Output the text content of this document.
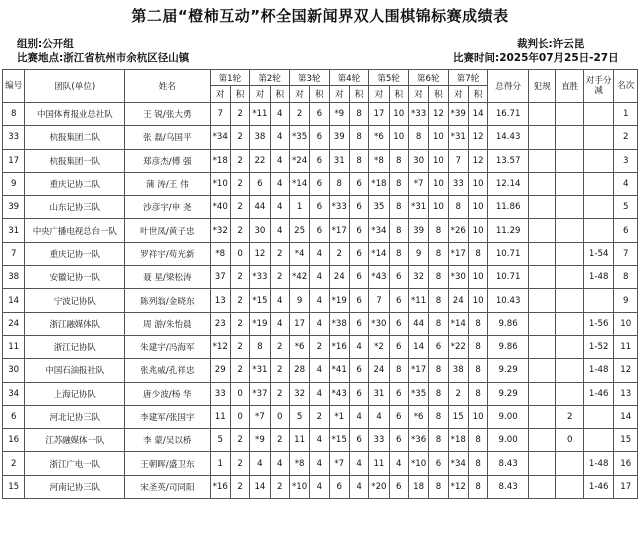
第二届“橙柿互动”杯全国新闻界双人围棋锦标赛成绩表
组别:公开组
比赛地点:浙江省杭州市余杭区径山镇
裁判长:许云昆
比赛时间:2025年07月25日-27日
编号	团队(单位)	姓名	第1轮		第2轮		第3轮		第4轮		第5轮		第6轮		第7轮		总得分	犯规	直胜	对手分减	名次
			对	积	对	积	对	积	对	积	对	积	对	积	对	积					
8	中国体育报业总社队	王 锐/张大勇	7	2	*11	4	2	6	*9	8	17	10	*33	12	*39	14	16.71				1
33	杭报集团二队	张 磊/乌国平	*34	2	38	4	*35	6	39	8	*6	10	8	10	*31	12	14.43				2
17	杭报集团一队	郑彦杰/傅 强	*18	2	22	4	*24	6	31	8	*8	8	30	10	7	12	13.57				3
9	重庆记协二队	蒲 涛/王 伟	*10	2	6	4	*14	6	8	6	*18	8	*7	10	33	10	12.14				4
39	山东记协三队	沙彦宇/申 尧	*40	2	44	4	1	6	*33	6	35	8	*31	10	8	10	11.86				5
31	中央广播电视总台一队	叶世凤/黄子忠	*32	2	30	4	25	6	*17	6	*34	8	39	8	*26	10	11.29				6
7	重庆记协一队	罗祥宇/苟光新	*8	0	12	2	*4	4	2	6	*14	8	9	8	*17	8	10.71			1-54	7
38	安徽记协一队	聂 星/梁松涛	37	2	*33	2	*42	4	24	6	*43	6	32	8	*30	10	10.71			1-48	8
14	宁波记协队	陈列翁/金晓东	13	2	*15	4	9	4	*19	6	7	6	*11	8	24	10	10.43				9
24	浙江融媒体队	周 游/朱怡晨	23	2	*19	4	17	4	*38	6	*30	6	44	8	*14	8	9.86			1-56	10
11	浙江记协队	朱建宇/冯海军	*12	2	8	2	*6	2	*16	4	*2	6	14	6	*22	8	9.86			1-52	11
30	中国石油报社队	张兆威/孔祥忠	29	2	*31	2	28	4	*41	6	24	8	*17	8	38	8	9.29			1-48	12
34	上海记协队	唐少波/杨 华	33	0	*37	2	32	4	*43	6	31	6	*35	8	2	8	9.29			1-46	13
6	河北记协三队	李建军/张国宇	11	0	*7	0	5	2	*1	4	4	6	*6	8	15	10	9.00		2		14
16	江苏融媒体一队	李 蒙/吴以桥	5	2	*9	2	11	4	*15	6	33	6	*36	8	*18	8	9.00		0		15
2	浙江广电一队	王朝晖/盛卫东	1	2	4	4	*8	4	*7	4	11	4	*10	6	*34	8	8.43			1-48	16
15	河南记协三队	宋圣英/司同阳	*16	2	14	2	*10	4	6	4	*20	6	18	8	*12	8	8.43			1-46	17
